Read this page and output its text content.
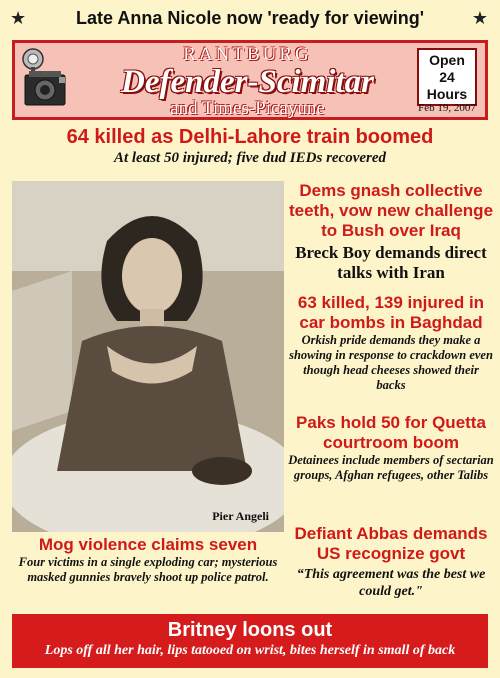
★	Late Anna Nicole now 'ready for viewing'	★
RANTBURG
Defender-Scimitar
and Times-Picayune
Open
24
Hours
Feb 19, 2007
64 killed as Delhi-Lahore train boomed
At least 50 injured; five dud IEDs recovered
Pier Angeli
Dems gnash collective teeth, vow new challenge to Bush over Iraq
Breck Boy demands direct talks with Iran
63 killed, 139 injured in car bombs in Baghdad
Orkish pride demands they make a showing in response to crackdown even though head cheeses showed their backs
Paks hold 50 for Quetta courtroom boom
Detainees include members of sectarian groups, Afghan refugees, other Talibs
Defiant Abbas demands US recognize govt
“This agreement was the best we could get."
Mog violence claims seven
Four victims in a single exploding car; mysterious masked gunnies bravely shoot up police patrol.
Britney loons out
Lops off all her hair, lips tatooed on wrist, bites herself in small of back
